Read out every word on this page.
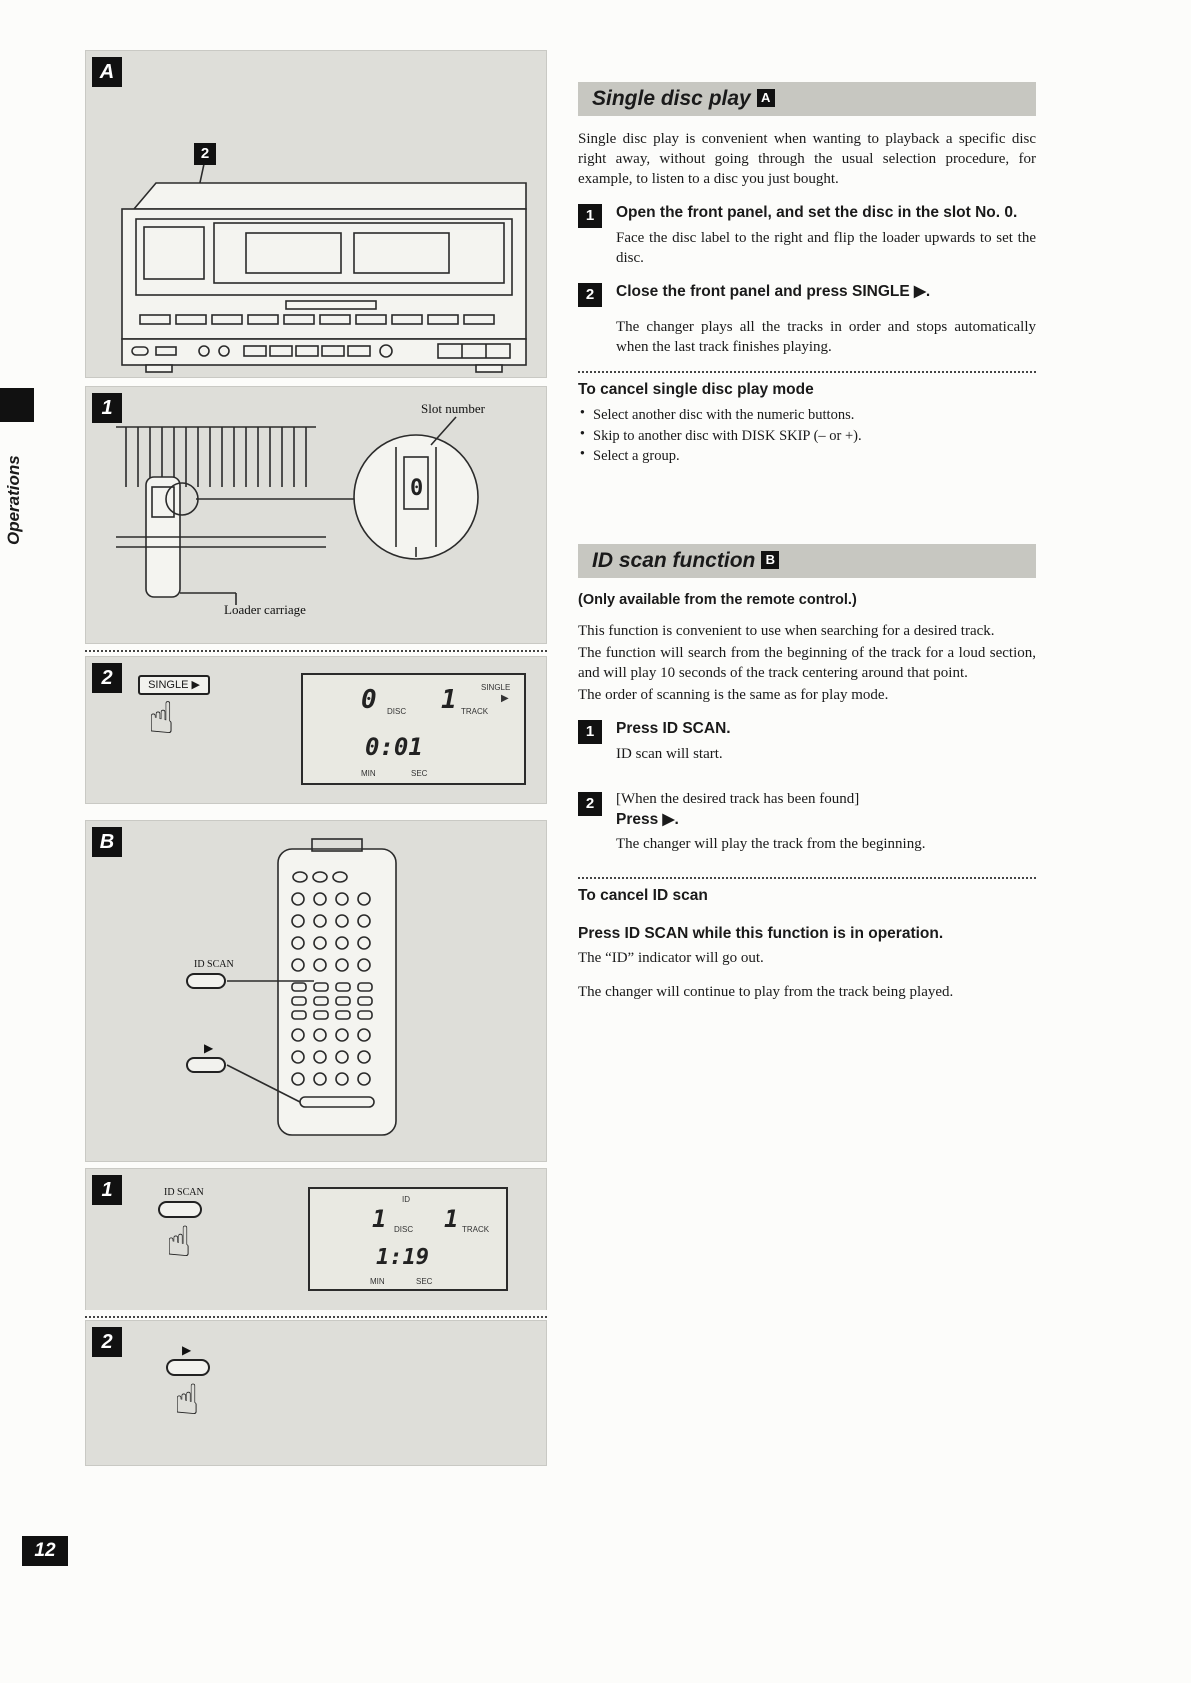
Operations
12
A
2
1	Slot number
Loader carriage
0
2	SINGLE ▶
☝	0 DISC 1 TRACK
SINGLE
▶
0:01
MIN	SEC
B
ID SCAN
▶
1	ID SCAN
☝
ID
1 DISC 1 TRACK
1:19
MIN	SEC
2	▶
☝
Single disc play A

Single disc play is convenient when wanting to playback a specific disc right away, without going through the usual selection procedure, for example, to listen to a disc you just bought.

1	Open the front panel, and set the disc in the slot No. 0.
Face the disc label to the right and flip the loader upwards to set the disc.
2	Close the front panel and press SINGLE ▶.
The changer plays all the tracks in order and stops automatically when the last track finishes playing.
To cancel single disc play mode
● Select another disc with the numeric buttons.
● Skip to another disc with DISK SKIP (– or +).
● Select a group.
ID scan function B
(Only available from the remote control.)

This function is convenient to use when searching for a desired track.

The function will search from the beginning of the track for a loud section, and will play 10 seconds of the track centering around that point.

The order of scanning is the same as for play mode.

1	Press ID SCAN.
ID scan will start.
2	[When the desired track has been found]
Press ▶.
The changer will play the track from the beginning.
To cancel ID scan
Press ID SCAN while this function is in operation.

The “ID” indicator will go out.

The changer will continue to play from the track being played.
